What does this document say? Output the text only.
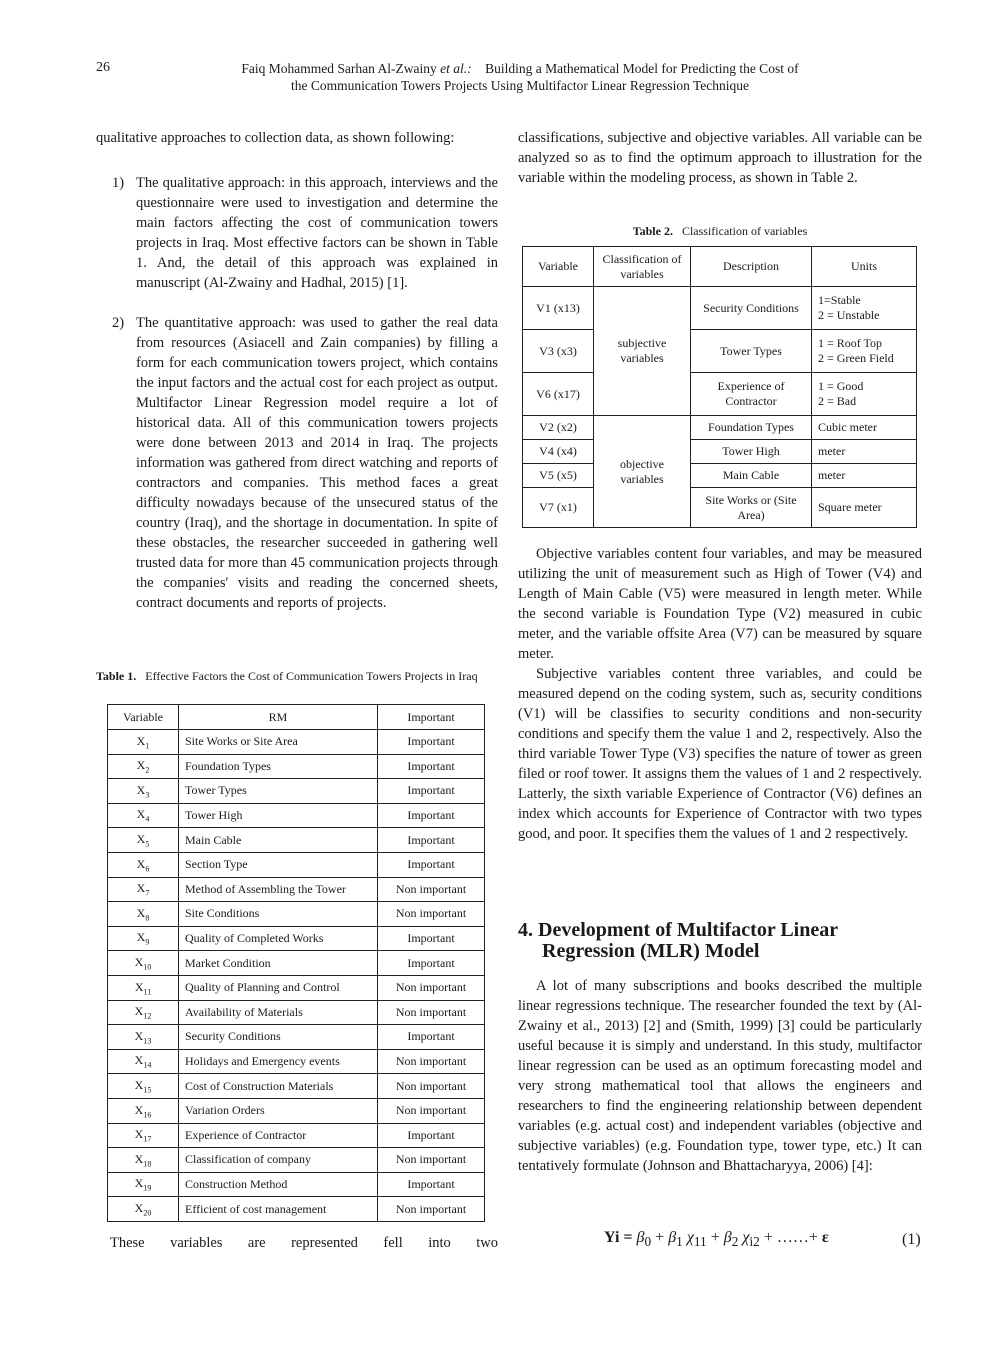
26	Faiq Mohammed Sarhan Al-Zwainy et al.: Building a Mathematical Model for Predicting the Cost of
the Communication Towers Projects Using Multifactor Linear Regression Technique

qualitative approaches to collection data, as shown following:

1) The qualitative approach: in this approach, interviews and the questionnaire were used to investigation and determine the main factors affecting the cost of communication towers projects in Iraq. Most effective factors can be shown in Table 1. And, the detail of this approach was explained in manuscript (Al-Zwainy and Hadhal, 2015) [1].
2) The quantitative approach: was used to gather the real data from resources (Asiacell and Zain companies) by filling a form for each communication towers project, which contains the input factors and the actual cost for each project as output. Multifactor Linear Regression model require a lot of historical data. All of this communication towers projects were done between 2013 and 2014 in Iraq. The projects information was gathered from direct watching and reports of contractors and companies. This method faces a great difficulty nowadays because of the unsecured status of the country (Iraq), and the shortage in documentation. In spite of these obstacles, the researcher succeeded in gathering well trusted data for more than 45 communication projects through the companies' visits and reading the concerned sheets, contract documents and reports of projects.
Table 1. Effective Factors the Cost of Communication Towers Projects in Iraq
Variable	RM	Important
$X_1$	Site Works or Site Area	Important
$X_2$	Foundation Types	Important
$X_3$	Tower Types	Important
$X_4$	Tower High	Important
$X_5$	Main Cable	Important
$X_6$	Section Type	Important
$X_7$	Method of Assembling the Tower	Non important
$X_8$	Site Conditions	Non important
$X_9$	Quality of Completed Works	Important
$X_{10}$	Market Condition	Important
$X_{11}$	Quality of Planning and Control	Non important
$X_{12}$	Availability of Materials	Non important
$X_{13}$	Security Conditions	Important
$X_{14}$	Holidays and Emergency events	Non important
$X_{15}$	Cost of Construction Materials	Non important
$X_{16}$	Variation Orders	Non important
$X_{17}$	Experience of Contractor	Important
$X_{18}$	Classification of company	Non important
$X_{19}$	Construction Method	Important
$X_{20}$	Efficient of cost management	Non important
These variables are represented fell into two

classifications, subjective and objective variables. All variable can be analyzed so as to find the optimum approach to illustration for the variable within the modeling process, as shown in Table 2.

Table 2. Classification of variables
Variable	Classification of variables	Description	Units
V1 (x13)	subjective variables	Security Conditions	1=Stable
2 = Unstable

V3 (x3)		Tower Types	1 = Roof Top
2 = Green Field

V6 (x17)		Experience of Contractor	1 = Good
2 = Bad

V2 (x2)	objective variables	Foundation Types	Cubic meter
V4 (x4)		Tower High	meter
V5 (x5)		Main Cable	meter
V7 (x1)		Site Works or (Site Area)	Square meter

Objective variables content four variables, and may be measured utilizing the unit of measurement such as High of Tower (V4) and Length of Main Cable (V5) were measured in length meter. While the second variable is Foundation Type (V2) measured in cubic meter, and the variable offsite Area (V7) can be measured by square meter.

Subjective variables content three variables, and could be measured depend on the coding system, such as, security conditions (V1) will be classifies to security conditions and non-security conditions and specify them the value 1 and 2, respectively. Also the third variable Tower Type (V3) specifies the nature of tower as green filed or roof tower. It assigns them the values of 1 and 2 respectively. Latterly, the sixth variable Experience of Contractor (V6) defines an index which accounts for Experience of Contractor with two types good, and poor. It specifies them the values of 1 and 2 respectively.

4. Development of Multifactor Linear
Regression (MLR) Model

A lot of many subscriptions and books described the multiple linear regressions technique. The researcher founded the text by (Al-Zwainy et al., 2013) [2] and (Smith, 1999) [3] could be particularly useful because it is simply and understand. In this study, multifactor linear regression can be used as an optimum forecasting model and very strong mathematical tool that allows the engineers and researchers to find the engineering relationship between dependent variables (e.g. actual cost) and independent variables (objective and subjective variables) (e.g. Foundation type, tower type, etc.) It can tentatively formulate (Johnson and Bhattacharyya, 2006) [4]:

$Yi = \beta_0 + \beta_1$ $\chi_{11} + \beta_2$ $\chi_{i2}$ + ……+ ε	(1)
